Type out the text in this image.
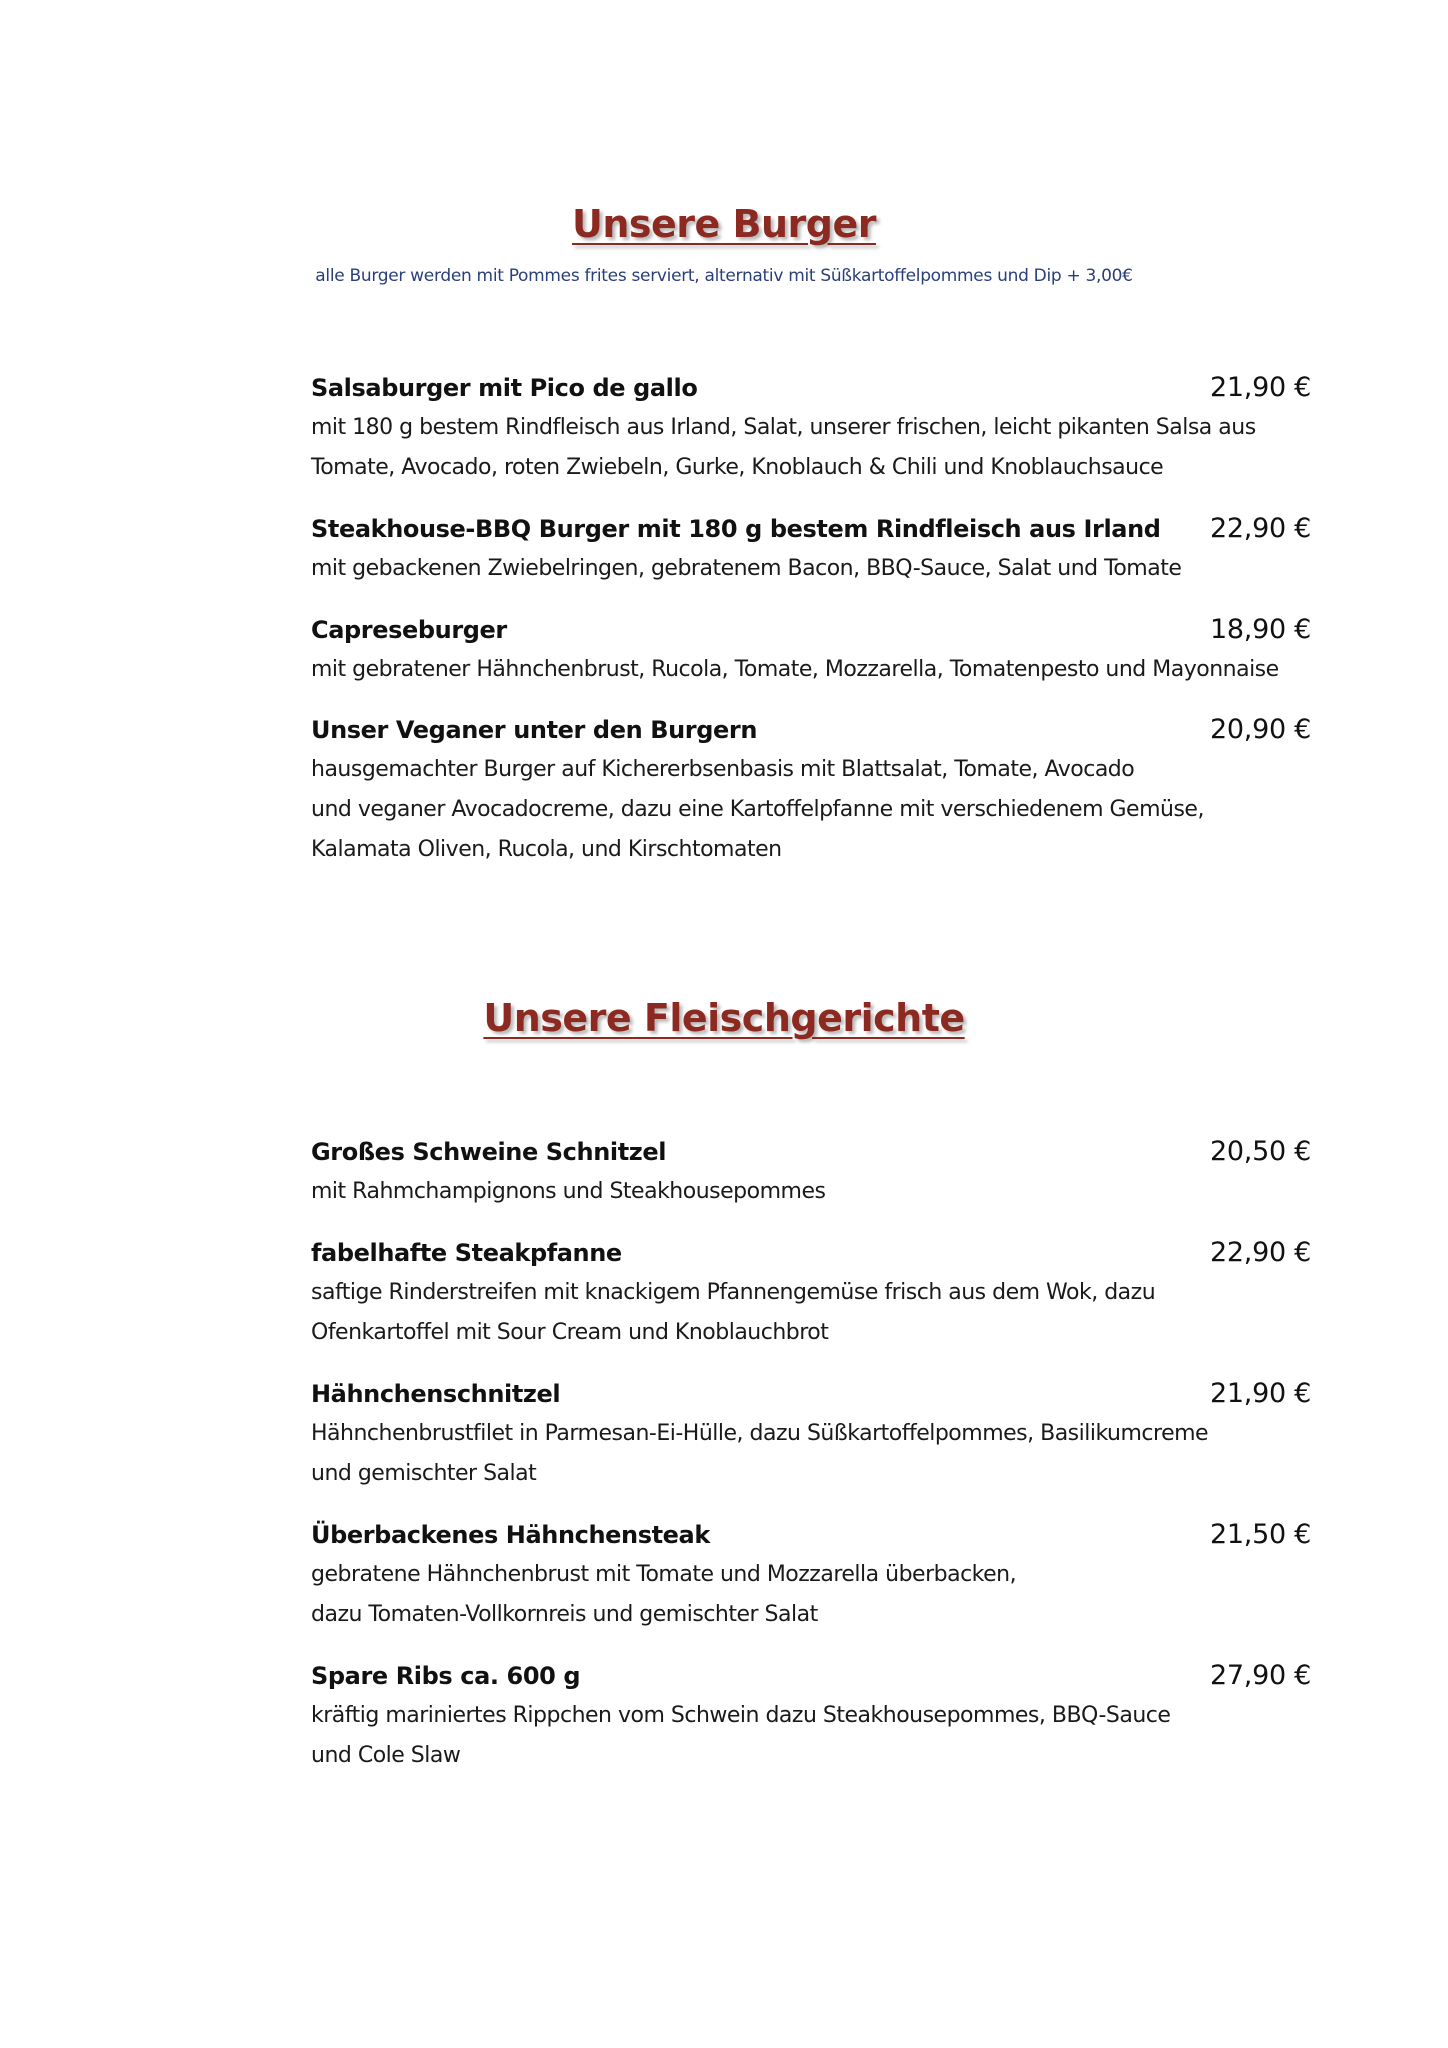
Unsere Burger
alle Burger werden mit Pommes frites serviert, alternativ mit Süßkartoffelpommes und Dip + 3,00€
Salsaburger mit Pico de gallo	21,90 €
mit 180 g bestem Rindfleisch aus Irland, Salat, unserer frischen, leicht pikanten Salsa aus
Tomate, Avocado, roten Zwiebeln, Gurke, Knoblauch & Chili und Knoblauchsauce
Steakhouse-BBQ Burger mit 180 g bestem Rindfleisch aus Irland	22,90 €
mit gebackenen Zwiebelringen, gebratenem Bacon, BBQ-Sauce, Salat und Tomate
Capreseburger	18,90 €
mit gebratener Hähnchenbrust, Rucola, Tomate, Mozzarella, Tomatenpesto und Mayonnaise
Unser Veganer unter den Burgern	20,90 €
hausgemachter Burger auf Kichererbsenbasis mit Blattsalat, Tomate, Avocado
und veganer Avocadocreme, dazu eine Kartoffelpfanne mit verschiedenem Gemüse,
Kalamata Oliven, Rucola, und Kirschtomaten
Unsere Fleischgerichte
Großes Schweine Schnitzel	20,50 €
mit Rahmchampignons und Steakhousepommes
fabelhafte Steakpfanne	22,90 €
saftige Rinderstreifen mit knackigem Pfannengemüse frisch aus dem Wok, dazu
Ofenkartoffel mit Sour Cream und Knoblauchbrot
Hähnchenschnitzel	21,90 €
Hähnchenbrustfilet in Parmesan-Ei-Hülle, dazu Süßkartoffelpommes, Basilikumcreme
und gemischter Salat
Überbackenes Hähnchensteak	21,50 €
gebratene Hähnchenbrust mit Tomate und Mozzarella überbacken,
dazu Tomaten-Vollkornreis und gemischter Salat
Spare Ribs ca. 600 g	27,90 €
kräftig mariniertes Rippchen vom Schwein dazu Steakhousepommes, BBQ-Sauce
und Cole Slaw
